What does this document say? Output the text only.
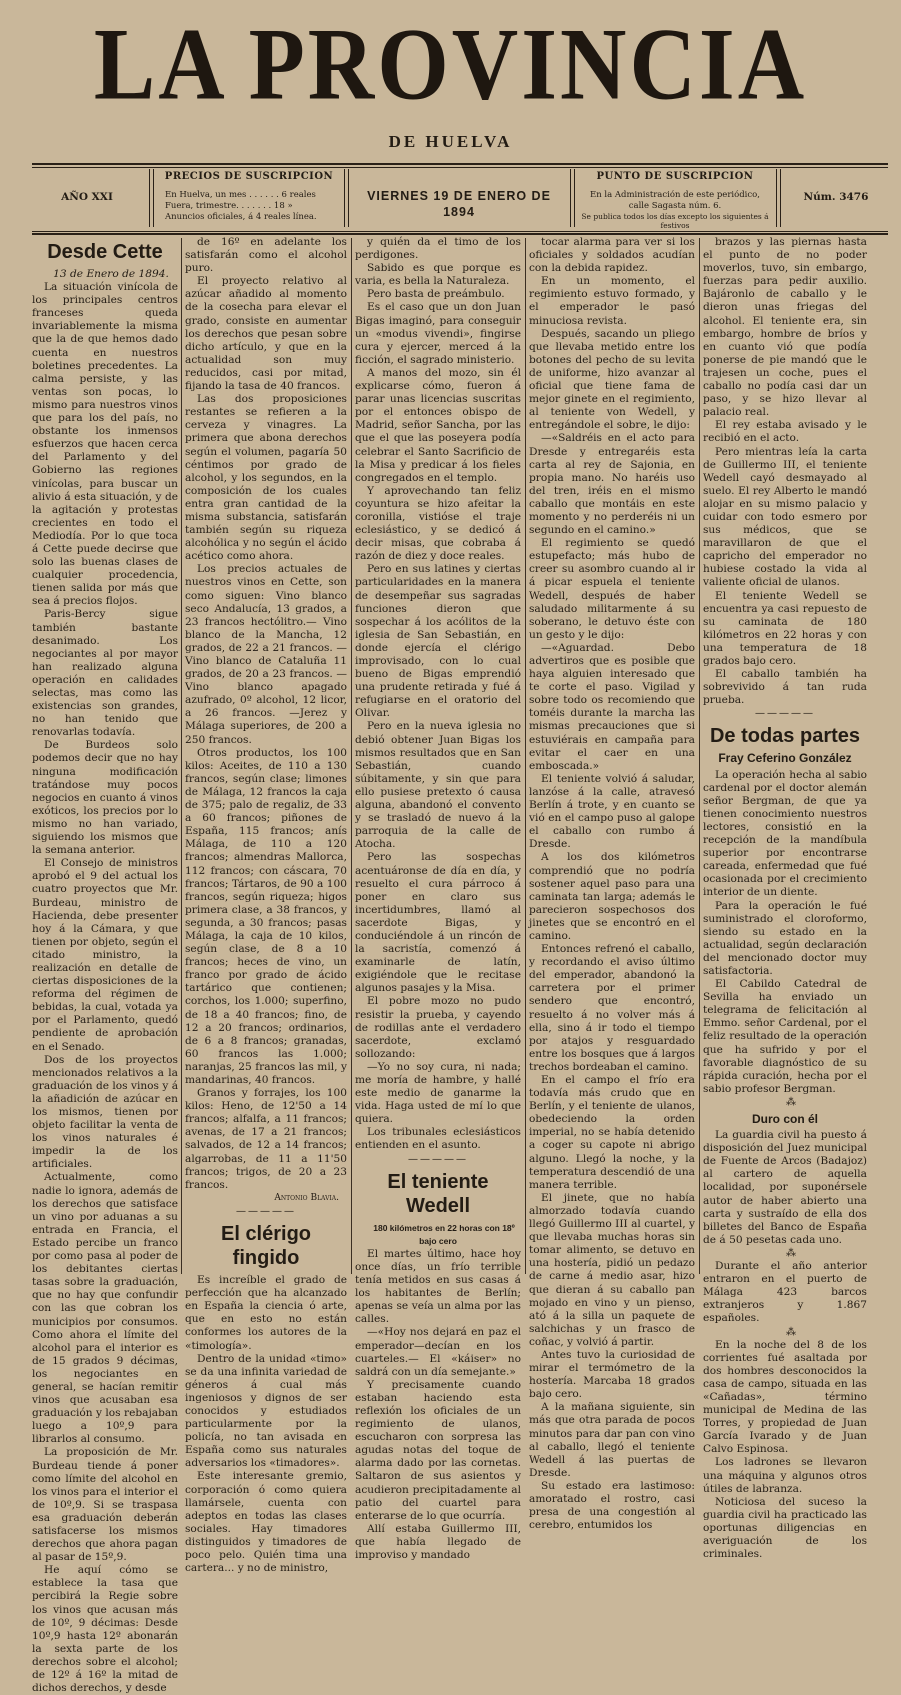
LA PROVINCIA
DE HUELVA
AÑO XXI
PRECIOS DE SUSCRIPCION
En Huelva, un mes . . . . . . 6 reales
Fuera, trimestre. . . . . . . 18 »
Anuncios oficiales, á 4 reales línea.
VIERNES 19 DE ENERO DE 1894
PUNTO DE SUSCRIPCION
En la Administración de este periódico,
calle Sagasta núm. 6.
Se publica todos los días excepto los siguientes á festivos
Núm. 3476
Desde Cette

13 de Enero de 1894.

La situación vinícola de los principales centros franceses queda invariablemente la misma que la de que hemos dado cuenta en nuestros boletines precedentes. La calma persiste, y las ventas son pocas, lo mismo para nuestros vinos que para los del país, no obstante los inmensos esfuerzos que hacen cerca del Parlamento y del Gobierno las regiones vinícolas, para buscar un alivio á esta situación, y de la agitación y protestas crecientes en todo el Mediodía. Por lo que toca á Cette puede decirse que solo las buenas clases de cualquier procedencia, tienen salida por más que sea á precios flojos.

Paris-Bercy sigue también bastante desanimado. Los negociantes al por mayor han realizado alguna operación en calidades selectas, mas como las existencias son grandes, no han tenido que renovarlas todavía.

De Burdeos solo podemos decir que no hay ninguna modificación tratándose muy pocos negocios en cuanto á vinos exóticos, los precios por lo mismo no han variado, siguiendo los mismos que la semana anterior.

El Consejo de ministros aprobó el 9 del actual los cuatro proyectos que Mr. Burdeau, ministro de Hacienda, debe presenter hoy á la Cámara, y que tienen por objeto, según el citado ministro, la realización en detalle de ciertas disposiciones de la reforma del régimen de bebidas, la cual, votada ya por el Parlamento, quedó pendiente de aprobación en el Senado.

Dos de los proyectos mencionados relativos a la graduación de los vinos y á la añadición de azúcar en los mismos, tienen por objeto facilitar la venta de los vinos naturales é impedir la de los artificiales.

Actualmente, como nadie lo ignora, además de los derechos que satisface un vino por aduanas a su entrada en Francia, el Estado percibe un franco por como pasa al poder de los debitantes ciertas tasas sobre la graduación, que no hay que confundir con las que cobran los municipios por consumos. Como ahora el límite del alcohol para el interior es de 15 grados 9 décimas, los negociantes en general, se hacían remitir vinos que acusaban esa graduación y los rebajaban luego a 10º,9 para librarlos al consumo.

La proposición de Mr. Burdeau tiende á poner como límite del alcohol en los vinos para el interior el de 10º,9. Si se traspasa esa graduación deberán satisfacerse los mismos derechos que ahora pagan al pasar de 15º,9.

He aquí cómo se establece la tasa que percibirá la Regie sobre los vinos que acusan más de 10º, 9 décimas: Desde 10º,9 hasta 12º abonarán la sexta parte de los derechos sobre el alcohol; de 12º á 16º la mitad de dichos derechos, y desde

de 16º en adelante los satisfarán como el alcohol puro.

El proyecto relativo al azúcar añadido al momento de la cosecha para elevar el grado, consiste en aumentar los derechos que pesan sobre dicho artículo, y que en la actualidad son muy reducidos, casi por mitad, fijando la tasa de 40 francos.

Las dos proposiciones restantes se refieren a la cerveza y vinagres. La primera que abona derechos según el volumen, pagaría 50 céntimos por grado de alcohol, y los segundos, en la composición de los cuales entra gran cantidad de la misma substancia, satisfarán también según su riqueza alcohólica y no según el ácido acético como ahora.

Los precios actuales de nuestros vinos en Cette, son como siguen: Vino blanco seco Andalucía, 13 grados, a 23 francos hectólitro.— Vino blanco de la Mancha, 12 grados, de 22 a 21 francos. —Vino blanco de Cataluña 11 grados, de 20 a 23 francos. —Vino blanco apagado azufrado, 0º alcohol, 12 licor, a 26 francos. —Jerez y Málaga superiores, de 200 a 250 francos.

Otros productos, los 100 kilos: Aceites, de 110 a 130 francos, según clase; limones de Málaga, 12 francos la caja de 375; palo de regaliz, de 33 a 60 francos; piñones de España, 115 francos; anís Málaga, de 110 a 120 francos; almendras Mallorca, 112 francos; con cáscara, 70 francos; Tártaros, de 90 a 100 francos, según riqueza; higos primera clase, a 38 francos, y segunda, a 30 francos; pasas Málaga, la caja de 10 kilos, según clase, de 8 a 10 francos; heces de vino, un franco por grado de ácido tartárico que contienen; corchos, los 1.000; superfino, de 18 a 40 francos; fino, de 12 a 20 francos; ordinarios, de 6 a 8 francos; granadas, 60 francos las 1.000; naranjas, 25 francos las mil, y mandarinas, 40 francos.

Granos y forrajes, los 100 kilos: Heno, de 12'50 a 14 francos; alfalfa, a 11 francos; avenas, de 17 a 21 francos; salvados, de 12 a 14 francos; algarrobas, de 11 a 11'50 francos; trigos, de 20 a 23 francos.

Antonio Blavia.

—————
El clérigo fingido

Es increíble el grado de perfección que ha alcanzado en España la ciencia ó arte, que en esto no están conformes los autores de la «timología».

Dentro de la unidad «timo» se da una infinita variedad de géneros á cual más ingeniosos y dignos de ser conocidos y estudiados particularmente por la policía, no tan avisada en España como sus naturales adversarios los «timadores».

Este interesante gremio, corporación ó como quiera llamársele, cuenta con adeptos en todas las clases sociales. Hay timadores distinguidos y timadores de poco pelo. Quién tima una cartera... y no de ministro,

y quién da el timo de los perdigones.

Sabido es que porque es varia, es bella la Naturaleza.

Pero basta de preámbulo.

Es el caso que un don Juan Bigas imaginó, para conseguir un «modus vivendi», fingirse cura y ejercer, merced á la ficción, el sagrado ministerio.

A manos del mozo, sin él explicarse cómo, fueron á parar unas licencias suscritas por el entonces obispo de Madrid, señor Sancha, por las que el que las poseyera podía celebrar el Santo Sacrificio de la Misa y predicar á los fieles congregados en el templo.

Y aprovechando tan feliz coyuntura se hizo afeitar la coronilla, vistióse el traje eclesiástico, y se dedicó á decir misas, que cobraba á razón de diez y doce reales.

Pero en sus latines y ciertas particularidades en la manera de desempeñar sus sagradas funciones dieron que sospechar á los acólitos de la iglesia de San Sebastián, en donde ejercía el clérigo improvisado, con lo cual bueno de Bigas emprendió una prudente retirada y fué á refugiarse en el oratorio del Olivar.

Pero en la nueva iglesia no debió obtener Juan Bigas los mismos resultados que en San Sebastián, cuando súbitamente, y sin que para ello pusiese pretexto ó causa alguna, abandonó el convento y se trasladó de nuevo á la parroquia de la calle de Atocha.

Pero las sospechas acentuáronse de día en día, y resuelto el cura párroco á poner en claro sus incertidumbres, llamó al sacerdote Bigas, y conduciéndole á un rincón de la sacristía, comenzó á examinarle de latín, exigiéndole que le recitase algunos pasajes y la Misa.

El pobre mozo no pudo resistir la prueba, y cayendo de rodillas ante el verdadero sacerdote, exclamó sollozando:

—Yo no soy cura, ni nada; me moría de hambre, y hallé este medio de ganarme la vida. Haga usted de mí lo que quiera.

Los tribunales eclesiásticos entienden en el asunto.

—————
El teniente Wedell

180 kilómetros en 22 horas con 18º bajo cero

El martes último, hace hoy once días, un frío terrible tenía metidos en sus casas á los habitantes de Berlín; apenas se veía un alma por las calles.

—«Hoy nos dejará en paz el emperador—decían en los cuarteles.— El «káiser» no saldrá con un día semejante.»

Y precisamente cuando estaban haciendo esta reflexión los oficiales de un regimiento de ulanos, escucharon con sorpresa las agudas notas del toque de alarma dado por las cornetas. Saltaron de sus asientos y acudieron precipitadamente al patio del cuartel para enterarse de lo que ocurría.

Allí estaba Guillermo III, que había llegado de improviso y mandado

tocar alarma para ver si los oficiales y soldados acudían con la debida rapidez.

En un momento, el regimiento estuvo formado, y el emperador le pasó minuciosa revista.

Después, sacando un pliego que llevaba metido entre los botones del pecho de su levita de uniforme, hizo avanzar al oficial que tiene fama de mejor ginete en el regimiento, al teniente von Wedell, y entregándole el sobre, le dijo:

—«Saldréis en el acto para Dresde y entregaréis esta carta al rey de Sajonia, en propia mano. No haréis uso del tren, iréis en el mismo caballo que montáis en este momento y no perderéis ni un segundo en el camino.»

El regimiento se quedó estupefacto; más hubo de creer su asombro cuando al ir á picar espuela el teniente Wedell, después de haber saludado militarmente á su soberano, le detuvo éste con un gesto y le dijo:

—«Aguardad. Debo advertiros que es posible que haya alguien interesado que te corte el paso. Vigilad y sobre todo os recomiendo que toméis durante la marcha las mismas precauciones que si estuviérais en campaña para evitar el caer en una emboscada.»

El teniente volvió á saludar, lanzóse á la calle, atravesó Berlín á trote, y en cuanto se vió en el campo puso al galope el caballo con rumbo á Dresde.

A los dos kilómetros comprendió que no podría sostener aquel paso para una caminata tan larga; además le parecieron sospechosos dos jinetes que se encontró en el camino.

Entonces refrenó el caballo, y recordando el aviso último del emperador, abandonó la carretera por el primer sendero que encontró, resuelto á no volver más á ella, sino á ir todo el tiempo por atajos y resguardado entre los bosques que á largos trechos bordeaban el camino.

En el campo el frío era todavía más crudo que en Berlín, y el teniente de ulanos, obedeciendo la orden imperial, no se había detenido a coger su capote ni abrigo alguno. Llegó la noche, y la temperatura descendió de una manera terrible.

El jinete, que no había almorzado todavía cuando llegó Guillermo III al cuartel, y que llevaba muchas horas sin tomar alimento, se detuvo en una hostería, pidió un pedazo de carne á medio asar, hizo que dieran á su caballo pan mojado en vino y un pienso, ató á la silla un paquete de salchichas y un frasco de coñac, y volvió á partir.

Antes tuvo la curiosidad de mirar el termómetro de la hostería. Marcaba 18 grados bajo cero.

A la mañana siguiente, sin más que otra parada de pocos minutos para dar pan con vino al caballo, llegó el teniente Wedell á las puertas de Dresde.

Su estado era lastimoso: amoratado el rostro, casi presa de una congestión al cerebro, entumidos los

brazos y las piernas hasta el punto de no poder moverlos, tuvo, sin embargo, fuerzas para pedir auxilio. Bajáronlo de caballo y le dieron unas friegas del alcohol. El teniente era, sin embargo, hombre de bríos y en cuanto vió que podía ponerse de pie mandó que le trajesen un coche, pues el caballo no podía casi dar un paso, y se hizo llevar al palacio real.

El rey estaba avisado y le recibió en el acto.

Pero mientras leía la carta de Guillermo III, el teniente Wedell cayó desmayado al suelo. El rey Alberto le mandó alojar en su mismo palacio y cuidar con todo esmero por sus médicos, que se maravillaron de que el capricho del emperador no hubiese costado la vida al valiente oficial de ulanos.

El teniente Wedell se encuentra ya casi repuesto de su caminata de 180 kilómetros en 22 horas y con una temperatura de 18 grados bajo cero.

El caballo también ha sobrevivido á tan ruda prueba.

—————
De todas partes
Fray Ceferino González

La operación hecha al sabio cardenal por el doctor alemán señor Bergman, de que ya tienen conocimiento nuestros lectores, consistió en la recepción de la mandíbula superior por encontrarse careada, enfermedad que fué ocasionada por el crecimiento interior de un diente.

Para la operación le fué suministrado el cloroformo, siendo su estado en la actualidad, según declaración del mencionado doctor muy satisfactoria.

El Cabildo Catedral de Sevilla ha enviado un telegrama de felicitación al Emmo. señor Cardenal, por el feliz resultado de la operación que ha sufrido y por el favorable diagnóstico de su rápida curación, hecha por el sabio profesor Bergman.

⁂

Duro con él

La guardia civil ha puesto á disposición del Juez municipal de Fuente de Arcos (Badajoz) al cartero de aquella localidad, por suponérsele autor de haber abierto una carta y sustraído de ella dos billetes del Banco de España de á 50 pesetas cada uno.

⁂

Durante el año anterior entraron en el puerto de Málaga 423 barcos extranjeros y 1.867 españoles.

⁂

En la noche del 8 de los corrientes fué asaltada por dos hombres desconocidos la casa de campo, situada en las «Cañadas», término municipal de Medina de las Torres, y propiedad de Juan García Ivarado y de Juan Calvo Espinosa.

Los ladrones se llevaron una máquina y algunos otros útiles de labranza.

Noticiosa del suceso la guardia civil ha practicado las oportunas diligencias en averiguación de los criminales.
